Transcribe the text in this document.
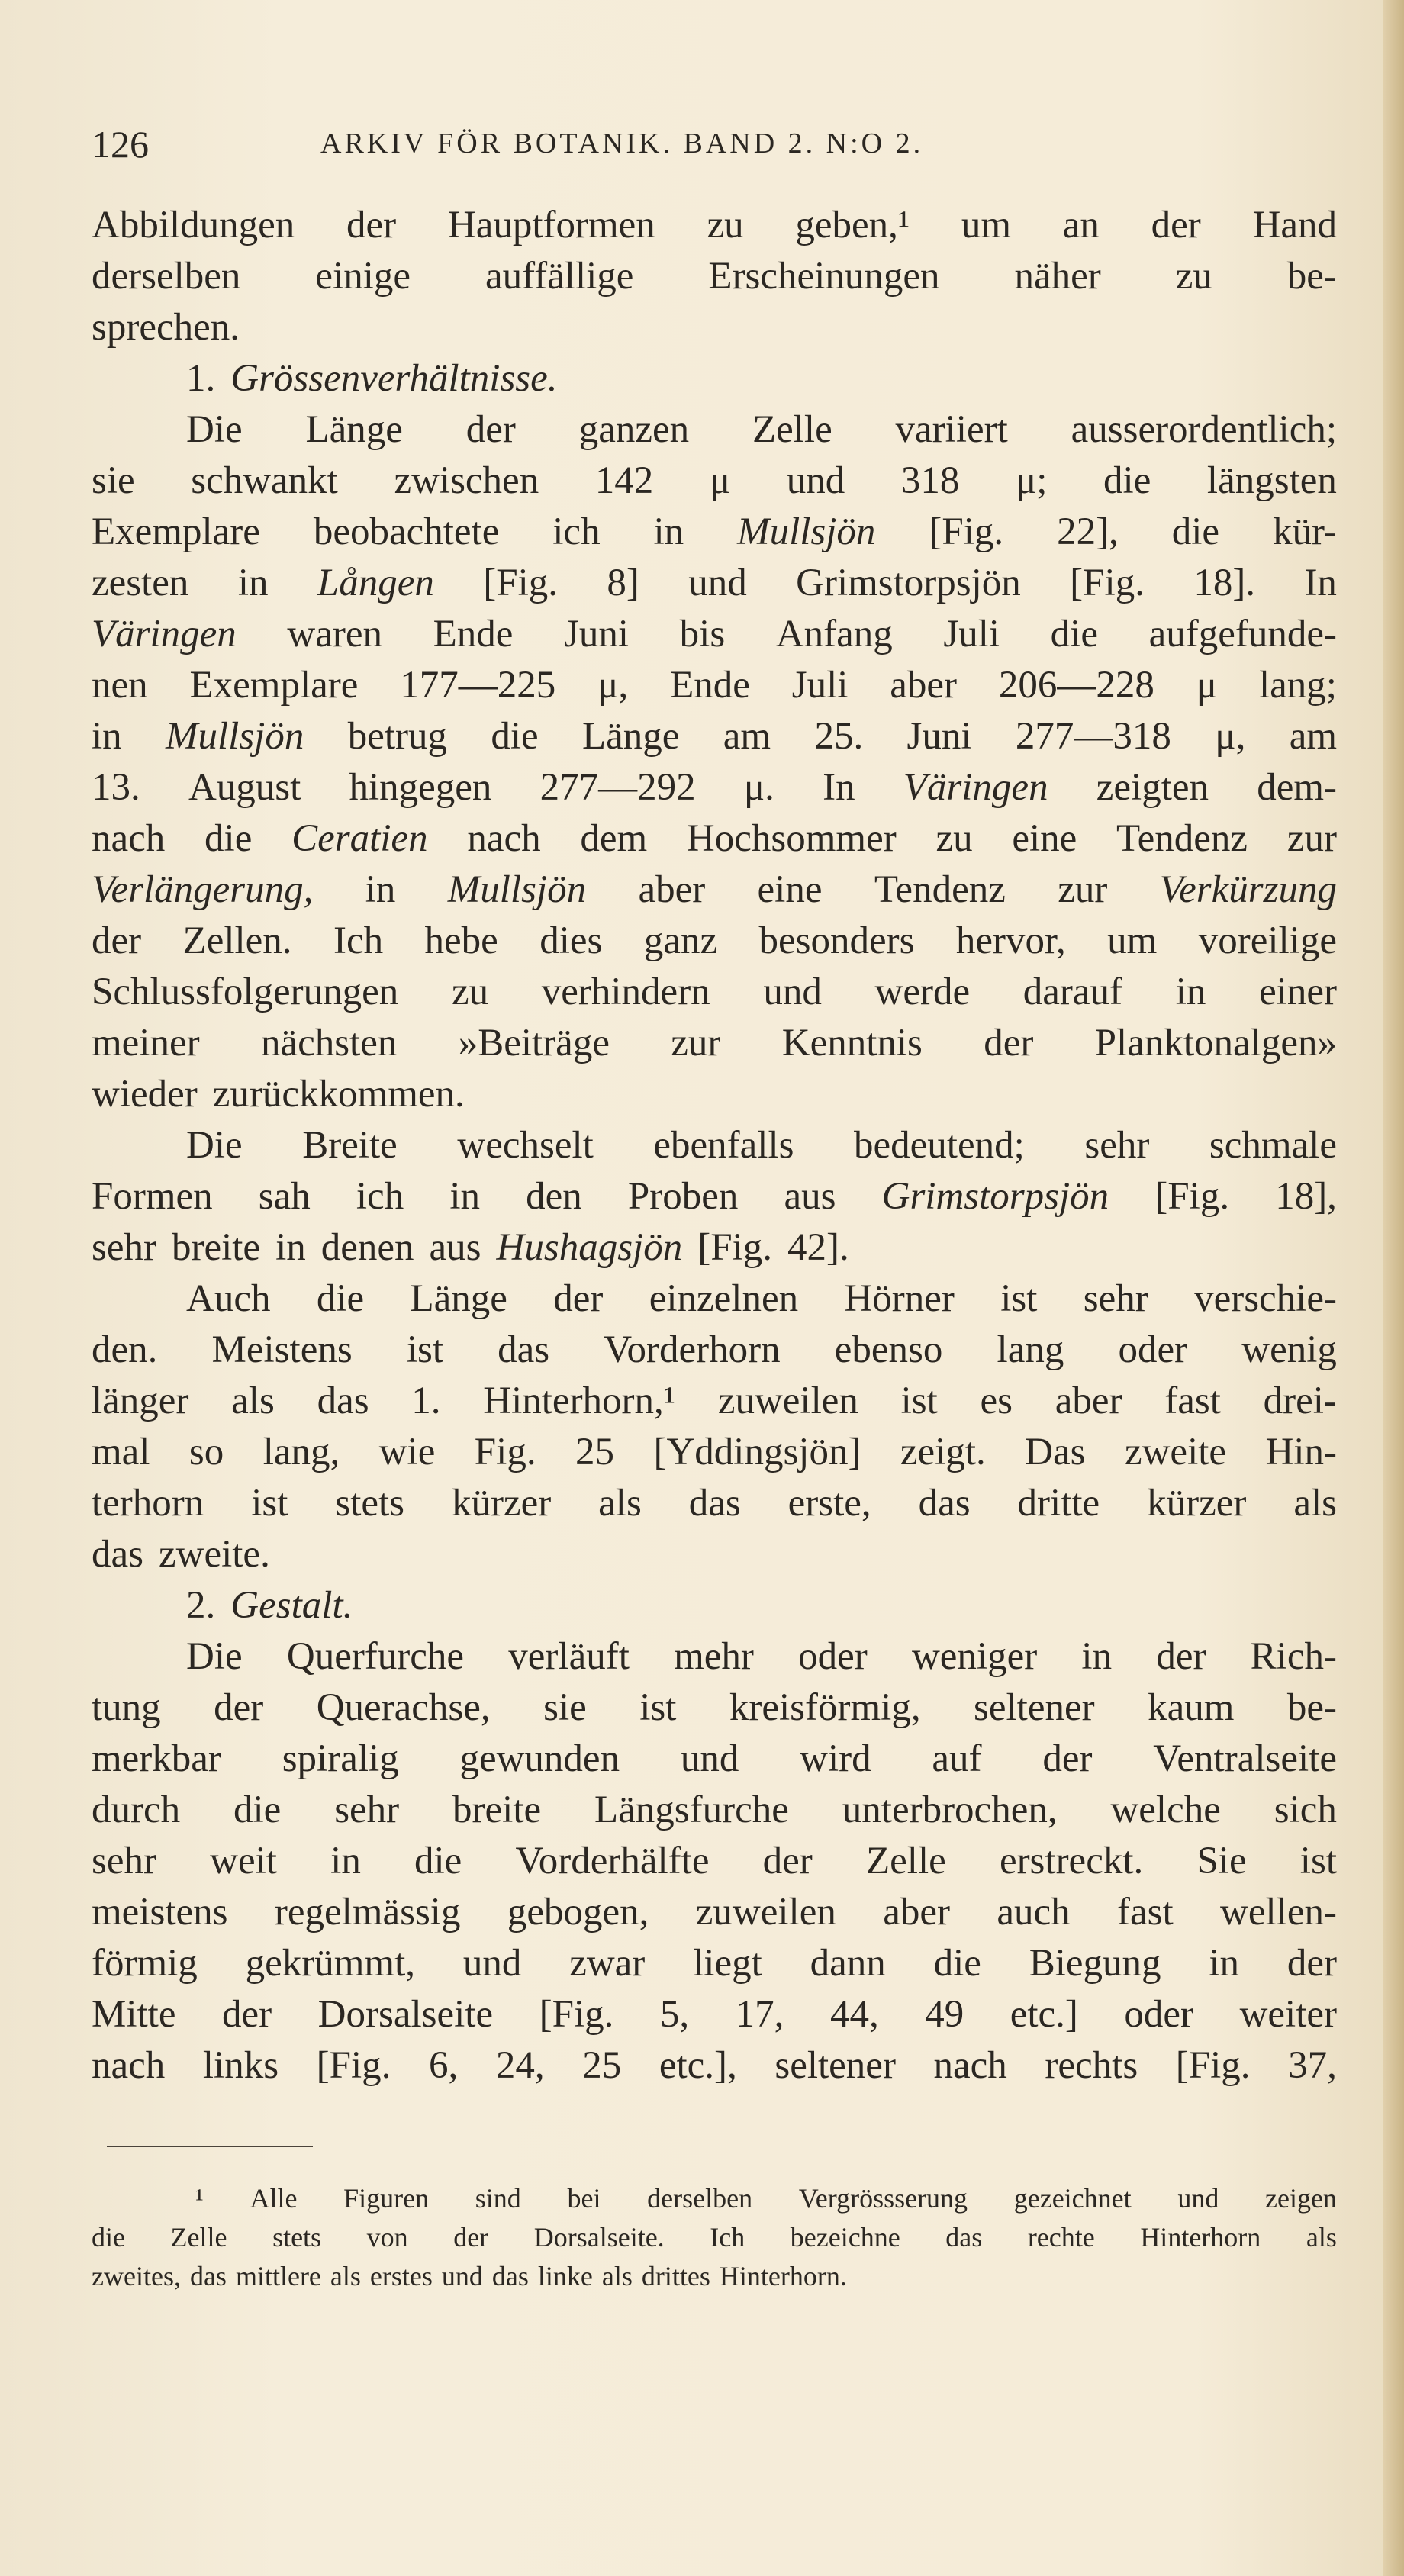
126	ARKIV FÖR BOTANIK. BAND 2. N:O 2.
Abbildungen der Hauptformen zu geben,¹ um an der Hand
derselben einige auffällige Erscheinungen näher zu be-
sprechen.
1. Grössenverhältnisse.
Die Länge der ganzen Zelle variiert ausserordentlich;
sie schwankt zwischen 142 μ und 318 μ; die längsten
Exemplare beobachtete ich in Mullsjön [Fig. 22], die kür-
zesten in Lången [Fig. 8] und Grimstorpsjön [Fig. 18]. In
Väringen waren Ende Juni bis Anfang Juli die aufgefunde-
nen Exemplare 177—225 μ, Ende Juli aber 206—228 μ lang;
in Mullsjön betrug die Länge am 25. Juni 277—318 μ, am
13. August hingegen 277—292 μ. In Väringen zeigten dem-
nach die Ceratien nach dem Hochsommer zu eine Tendenz zur
Verlängerung, in Mullsjön aber eine Tendenz zur Verkürzung
der Zellen. Ich hebe dies ganz besonders hervor, um voreilige
Schlussfolgerungen zu verhindern und werde darauf in einer
meiner nächsten »Beiträge zur Kenntnis der Planktonalgen»
wieder zurückkommen.
Die Breite wechselt ebenfalls bedeutend; sehr schmale
Formen sah ich in den Proben aus Grimstorpsjön [Fig. 18],
sehr breite in denen aus Hushagsjön [Fig. 42].
Auch die Länge der einzelnen Hörner ist sehr verschie-
den. Meistens ist das Vorderhorn ebenso lang oder wenig
länger als das 1. Hinterhorn,¹ zuweilen ist es aber fast drei-
mal so lang, wie Fig. 25 [Yddingsjön] zeigt. Das zweite Hin-
terhorn ist stets kürzer als das erste, das dritte kürzer als
das zweite.
2. Gestalt.
Die Querfurche verläuft mehr oder weniger in der Rich-
tung der Querachse, sie ist kreisförmig, seltener kaum be-
merkbar spiralig gewunden und wird auf der Ventralseite
durch die sehr breite Längsfurche unterbrochen, welche sich
sehr weit in die Vorderhälfte der Zelle erstreckt. Sie ist
meistens regelmässig gebogen, zuweilen aber auch fast wellen-
förmig gekrümmt, und zwar liegt dann die Biegung in der
Mitte der Dorsalseite [Fig. 5, 17, 44, 49 etc.] oder weiter
nach links [Fig. 6, 24, 25 etc.], seltener nach rechts [Fig. 37,
¹ Alle Figuren sind bei derselben Vergrössserung gezeichnet und zeigen
die Zelle stets von der Dorsalseite. Ich bezeichne das rechte Hinterhorn als
zweites, das mittlere als erstes und das linke als drittes Hinterhorn.
